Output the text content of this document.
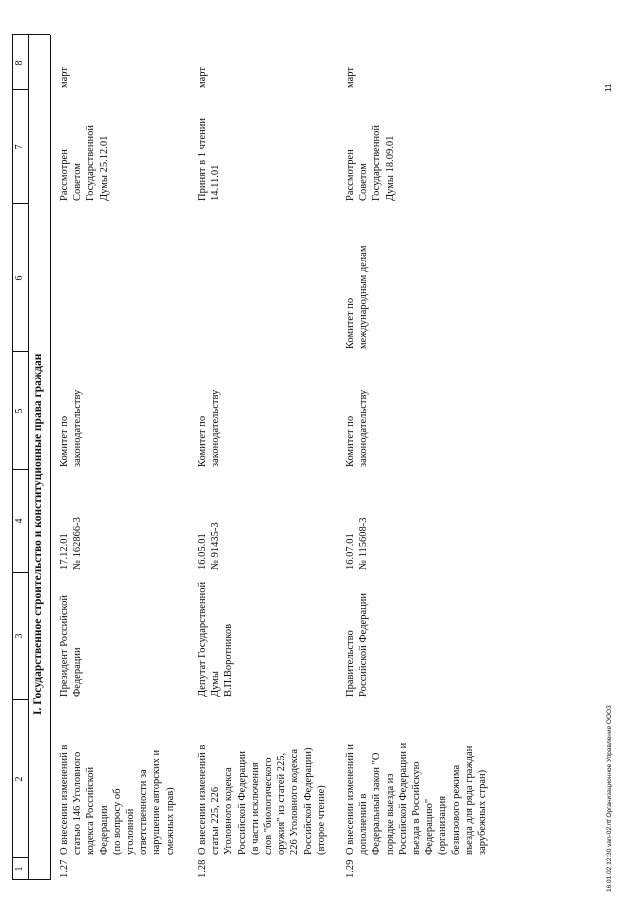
1
2
3
4
5
6
7
8
I. Государственное строительство и конституционные права граждан
1.27
О внесении изменений в
статью 146 Уголовного
кодекса Российской
Федерации
(по вопросу об
уголовной
ответственности за
нарушение авторских и
смежных прав)
Президент Российской
Федерации
17.12.01
№ 162866-3
Комитет по
законодательству
Рассмотрен
Советом
Государственной
Думы 25.12.01
март
1.28
О внесении изменений в
статьи 225, 226
Уголовного кодекса
Российской Федерации
(в части исключения
слов "биологического
оружия" из статей 225,
226 Уголовного кодекса
Российской Федерации)
(второе чтение)
Депутат Государственной
Думы
В.П.Воротников
16.05.01
№ 91435-3
Комитет по
законодательству
Принят в 1 чтении
14.11.01
март
1.29
О внесении изменений и
дополнений в
Федеральный закон "О
порядке выезда из
Российской Федерации и
въезда в Российскую
Федерацию"
(организация
безвизового режима
въезда для ряда граждан
зарубежных стран)
Правительство
Российской Федерации
16.07.01
№ 115608-3
Комитет по
законодательству
Комитет по
международным делам
Рассмотрен
Советом
Государственной
Думы 18.09.01
март
16.01.02 12:30 van-02.rtf Организационное Управление ООО3
11
